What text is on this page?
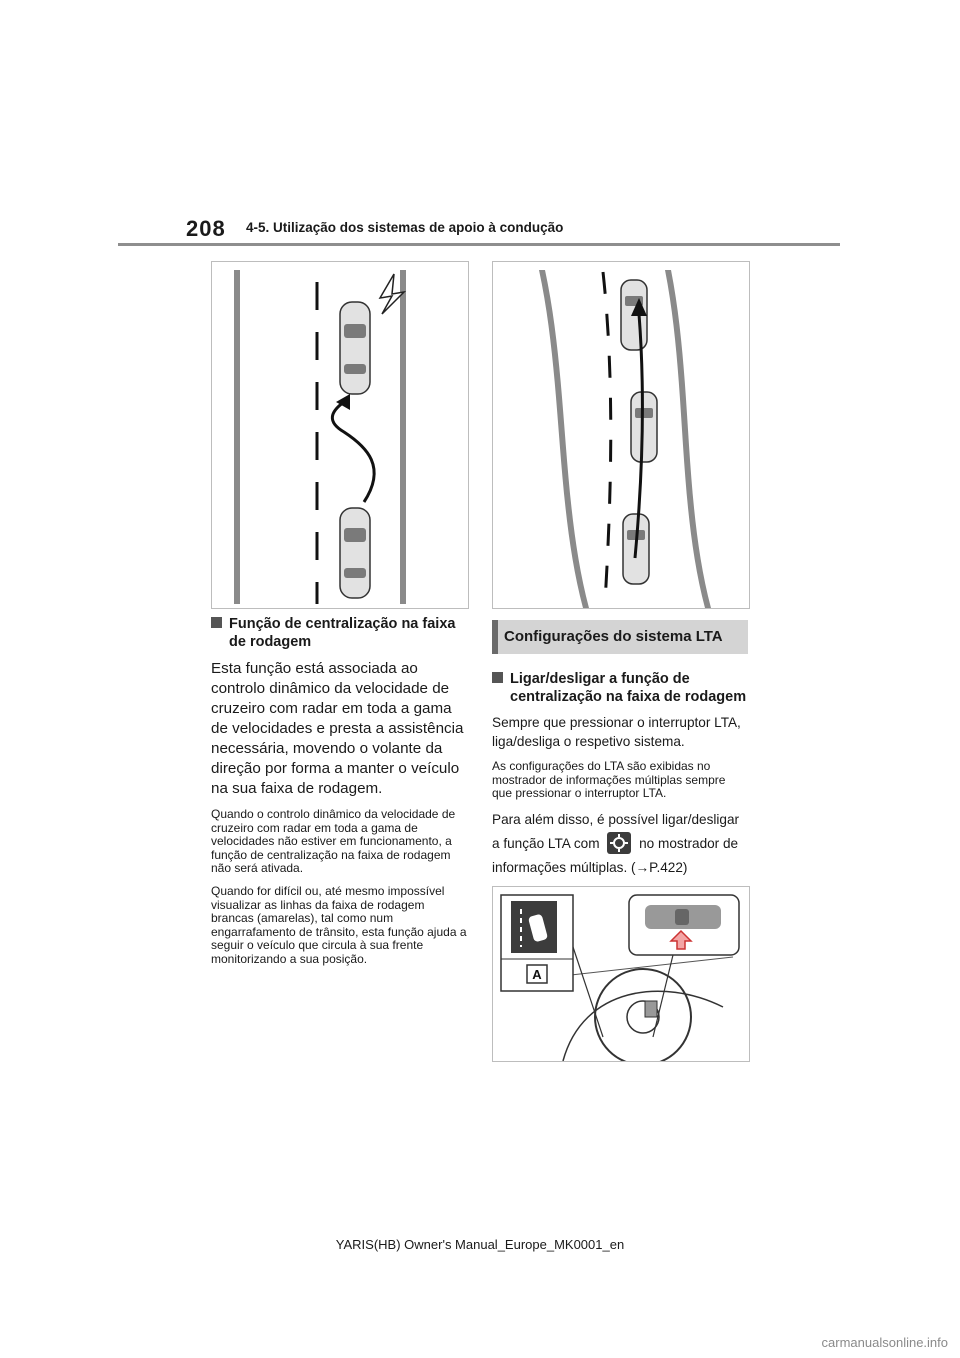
208 4-5. Utilização dos sistemas de apoio à condução

Função de centralização na faixa de rodagem

Esta função está associada ao controlo dinâmico da velocidade de cruzeiro com radar em toda a gama de velocidades e presta a assistência necessária, movendo o volante da direção por forma a manter o veículo na sua faixa de rodagem.

Quando o controlo dinâmico da velocidade de cruzeiro com radar em toda a gama de velocidades não estiver em funcionamento, a função de centralização na faixa de rodagem não será ativada.

Quando for difícil ou, até mesmo impossível visualizar as linhas da faixa de rodagem brancas (amarelas), tal como num engarrafamento de trânsito, esta função ajuda a seguir o veículo que circula à sua frente monitorizando a sua posição.

Configurações do sistema LTA

Ligar/desligar a função de centralização na faixa de rodagem

Sempre que pressionar o interruptor LTA, liga/desliga o respetivo sistema.

As configurações do LTA são exibidas no mostrador de informações múltiplas sempre que pressionar o interruptor LTA.

Para além disso, é possível ligar/desligar a função LTA com	no mostrador de informações múltiplas. (→P.422)

A
YARIS(HB) Owner's Manual_Europe_MK0001_en
carmanualsonline.info
